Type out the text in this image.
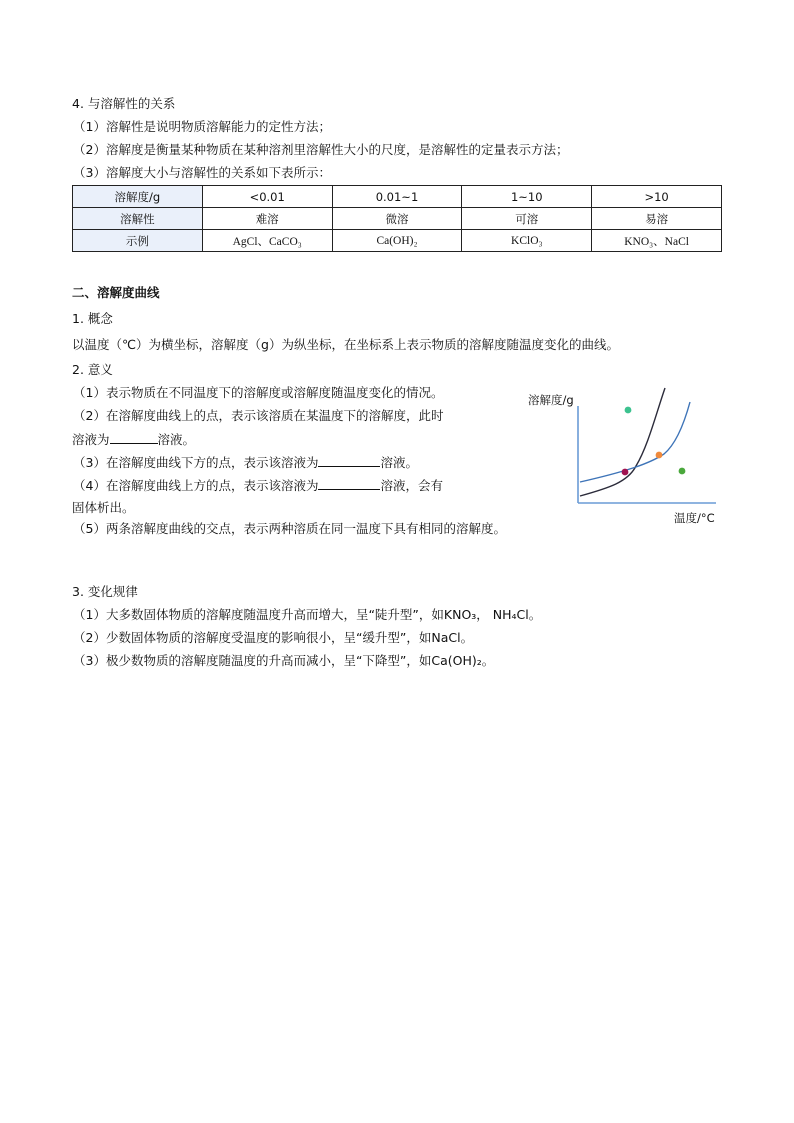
4. 与溶解性的关系
（1）溶解性是说明物质溶解能力的定性方法；
（2）溶解度是衡量某种物质在某种溶剂里溶解性大小的尺度，是溶解性的定量表示方法；
（3）溶解度大小与溶解性的关系如下表所示：
溶解度/g	<0.01	0.01~1	1~10	>10
溶解性	难溶	微溶	可溶	易溶
示例	AgCl、CaCO₃	Ca(OH)₂	KClO₃	KNO₃、NaCl
二、溶解度曲线
1. 概念
以温度（℃）为横坐标，溶解度（g）为纵坐标，在坐标系上表示物质的溶解度随温度变化的曲线。
2. 意义
（1）表示物质在不同温度下的溶解度或溶解度随温度变化的情况。
（2）在溶解度曲线上的点，表示该溶质在某温度下的溶解度，此时
溶液为	溶液。
（3）在溶解度曲线下方的点，表示该溶液为	溶液。
（4）在溶解度曲线上方的点，表示该溶液为	溶液，会有
固体析出。
（5）两条溶解度曲线的交点，表示两种溶质在同一温度下具有相同的溶解度。
溶解度/g
温度/°C
3. 变化规律
（1）大多数固体物质的溶解度随温度升高而增大，呈“陡升型”，如KNO₃， NH₄Cl。
（2）少数固体物质的溶解度受温度的影响很小，呈“缓升型”，如NaCl。
（3）极少数物质的溶解度随温度的升高而减小，呈“下降型”，如Ca(OH)₂。
